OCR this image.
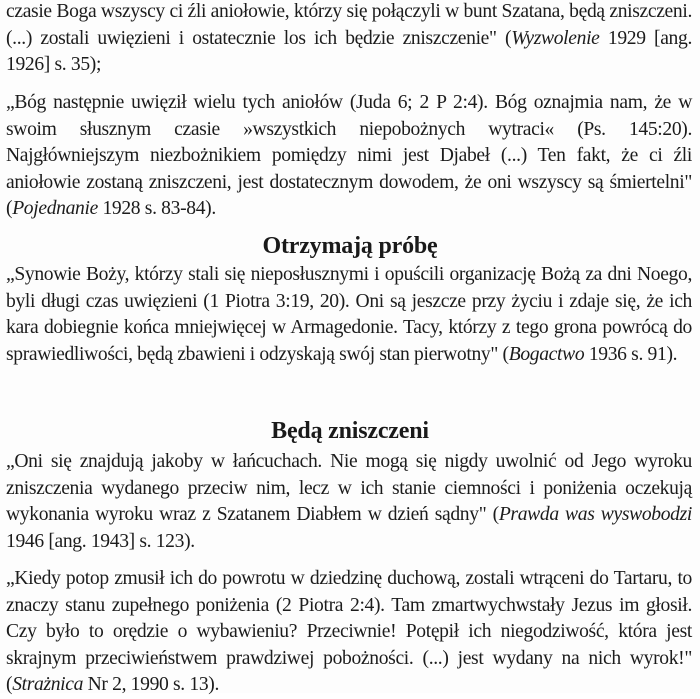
czasie Boga wszyscy ci źli aniołowie, którzy się połączyli w bunt Szatana, będą zniszczeni. (...) zostali uwięzieni i ostatecznie los ich będzie zniszczenie" (Wyzwolenie 1929 [ang. 1926] s. 35);

„Bóg następnie uwięził wielu tych aniołów (Juda 6; 2 P 2:4). Bóg oznajmia nam, że w swoim słusznym czasie »wszystkich niepobożnych wytraci« (Ps. 145:20). Najgłówniejszym niezbożnikiem pomiędzy nimi jest Djabeł (...) Ten fakt, że ci źli aniołowie zostaną zniszczeni, jest dostatecznym dowodem, że oni wszyscy są śmiertelni" (Pojednanie 1928 s. 83-84).

Otrzymają próbę

„Synowie Boży, którzy stali się nieposłusznymi i opuścili organizację Bożą za dni Noego, byli długi czas uwięzieni (1 Piotra 3:19, 20). Oni są jeszcze przy życiu i zdaje się, że ich kara dobiegnie końca mniejwięcej w Armagedonie. Tacy, którzy z tego grona powrócą do sprawiedliwości, będą zbawieni i odzyskają swój stan pierwotny" (Bogactwo 1936 s. 91).

Będą zniszczeni

„Oni się znajdują jakoby w łańcuchach. Nie mogą się nigdy uwolnić od Jego wyroku zniszczenia wydanego przeciw nim, lecz w ich stanie ciemności i poniżenia oczekują wykonania wyroku wraz z Szatanem Diabłem w dzień sądny" (Prawda was wyswobodzi 1946 [ang. 1943] s. 123).

„Kiedy potop zmusił ich do powrotu w dziedzinę duchową, zostali wtrąceni do Tartaru, to znaczy stanu zupełnego poniżenia (2 Piotra 2:4). Tam zmartwychwstały Jezus im głosił. Czy było to orędzie o wybawieniu? Przeciwnie! Potępił ich niegodziwość, która jest skrajnym przeciwieństwem prawdziwej pobożności. (...) jest wydany na nich wyrok!" (Strażnica Nr 2, 1990 s. 13).
